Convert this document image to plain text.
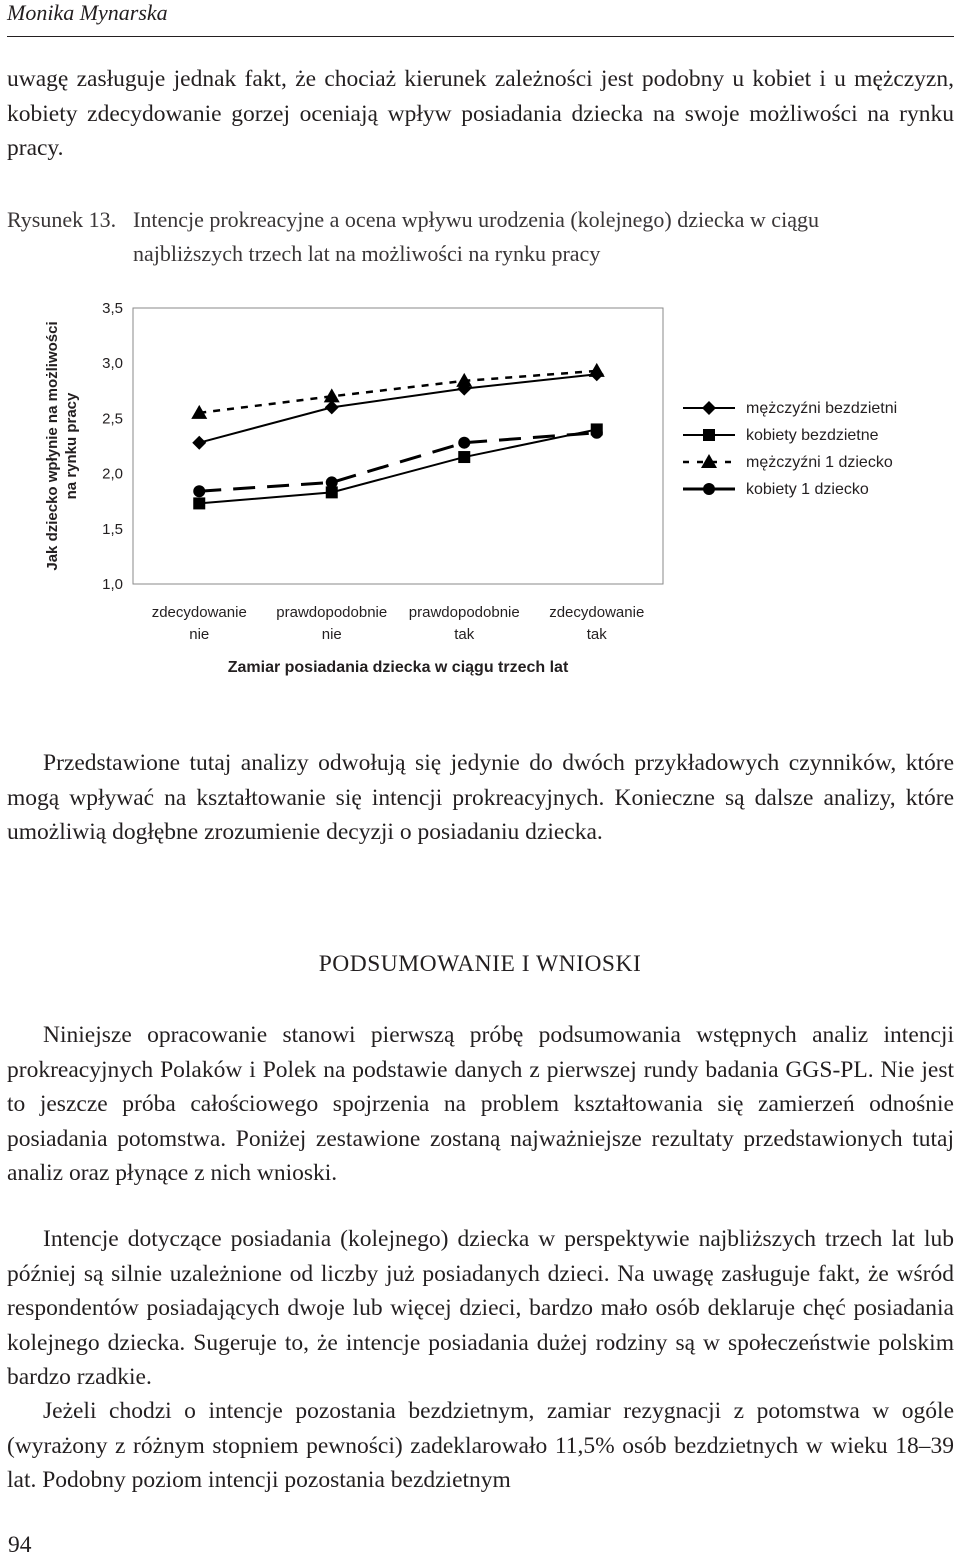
Monika Mynarska

uwagę zasługuje jednak fakt, że chociaż kierunek zależności jest podobny u kobiet i u mężczyzn, kobiety zdecydowanie gorzej oceniają wpływ posiadania dziecka na swoje możliwości na rynku pracy.

Rysunek 13. Intencje prokreacyjne a ocena wpływu urodzenia (kolejnego) dziecka w ciągu najbliższych trzech lat na możliwości na rynku pracy
1,0
1,5
2,0
2,5
3,0
3,5
Jak dziecko wpłynie na możliwości na rynku pracy
zdecydowanie
nie
prawdopodobnie
nie
prawdopodobnie
tak
zdecydowanie
tak
Zamiar posiadania dziecka w ciągu trzech lat
mężczyźni bezdzietni
kobiety bezdzietne
mężczyźni 1 dziecko
kobiety 1 dziecko

Przedstawione tutaj analizy odwołują się jedynie do dwóch przykładowych czynników, które mogą wpływać na kształtowanie się intencji prokreacyjnych. Konieczne są dalsze analizy, które umożliwią dogłębne zrozumienie decyzji o posiadaniu dziecka.

PODSUMOWANIE I WNIOSKI

Niniejsze opracowanie stanowi pierwszą próbę podsumowania wstępnych analiz intencji prokreacyjnych Polaków i Polek na podstawie danych z pierwszej rundy badania GGS-PL. Nie jest to jeszcze próba całościowego spojrzenia na problem kształtowania się zamierzeń odnośnie posiadania potomstwa. Poniżej zestawione zostaną najważniejsze rezultaty przedstawionych tutaj analiz oraz płynące z nich wnioski.

Intencje dotyczące posiadania (kolejnego) dziecka w perspektywie najbliższych trzech lat lub później są silnie uzależnione od liczby już posiadanych dzieci. Na uwagę zasługuje fakt, że wśród respondentów posiadających dwoje lub więcej dzieci, bardzo mało osób deklaruje chęć posiadania kolejnego dziecka. Sugeruje to, że intencje posiadania dużej rodziny są w społeczeństwie polskim bardzo rzadkie.

Jeżeli chodzi o intencje pozostania bezdzietnym, zamiar rezygnacji z potomstwa w ogóle (wyrażony z różnym stopniem pewności) zadeklarowało 11,5% osób bezdzietnych w wieku 18–39 lat. Podobny poziom intencji pozostania bezdzietnym

94
